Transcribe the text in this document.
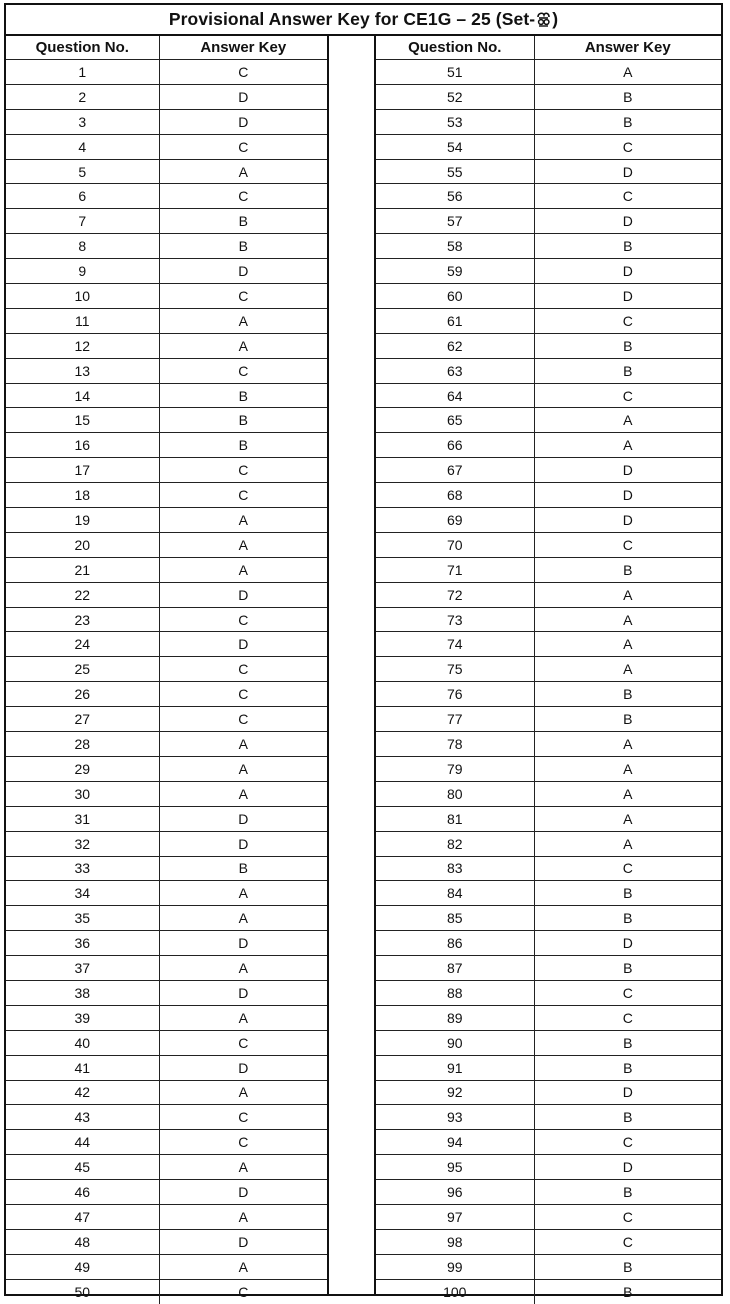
Provisional Answer Key for CE1G – 25 (Set- )
Question No.	Answer Key
1	C
2	D
3	D
4	C
5	A
6	C
7	B
8	B
9	D
10	C
11	A
12	A
13	C
14	B
15	B
16	B
17	C
18	C
19	A
20	A
21	A
22	D
23	C
24	D
25	C
26	C
27	C
28	A
29	A
30	A
31	D
32	D
33	B
34	A
35	A
36	D
37	A
38	D
39	A
40	C
41	D
42	A
43	C
44	C
45	A
46	D
47	A
48	D
49	A
50	C
Question No.	Answer Key
51	A
52	B
53	B
54	C
55	D
56	C
57	D
58	B
59	D
60	D
61	C
62	B
63	B
64	C
65	A
66	A
67	D
68	D
69	D
70	C
71	B
72	A
73	A
74	A
75	A
76	B
77	B
78	A
79	A
80	A
81	A
82	A
83	C
84	B
85	B
86	D
87	B
88	C
89	C
90	B
91	B
92	D
93	B
94	C
95	D
96	B
97	C
98	C
99	B
100	B
